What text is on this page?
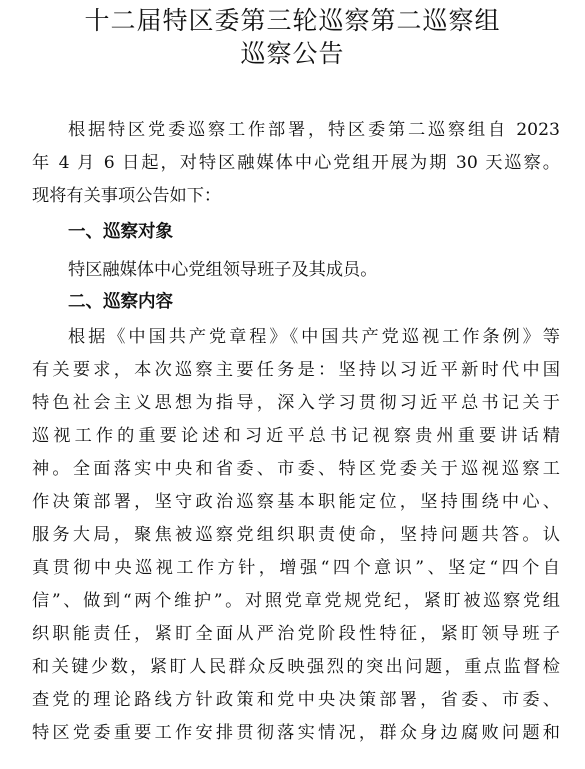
十二届特区委第三轮巡察第二巡察组
巡察公告
根据特区党委巡察工作部署，特区委第二巡察组自 2023
年 4 月 6 日起，对特区融媒体中心党组开展为期 30 天巡察。
现将有关事项公告如下：
特区融媒体中心党组领导班子及其成员。
根据《中国共产党章程》《中国共产党巡视工作条例》等
有关要求，本次巡察主要任务是：坚持以习近平新时代中国
特色社会主义思想为指导，深入学习贯彻习近平总书记关于
巡视工作的重要论述和习近平总书记视察贵州重要讲话精
神。全面落实中央和省委、市委、特区党委关于巡视巡察工
作决策部署，坚守政治巡察基本职能定位，坚持围绕中心、
服务大局，聚焦被巡察党组织职责使命，坚持问题共答。认
真贯彻中央巡视工作方针，增强“四个意识”、坚定“四个自
信”、做到“两个维护”。对照党章党规党纪，紧盯被巡察党组
织职能责任，紧盯全面从严治党阶段性特征，紧盯领导班子
和关键少数，紧盯人民群众反映强烈的突出问题，重点监督检
查党的理论路线方针政策和党中央决策部署，省委、市委、
特区党委重要工作安排贯彻落实情况，群众身边腐败问题和
一、巡察对象
二、巡察内容
